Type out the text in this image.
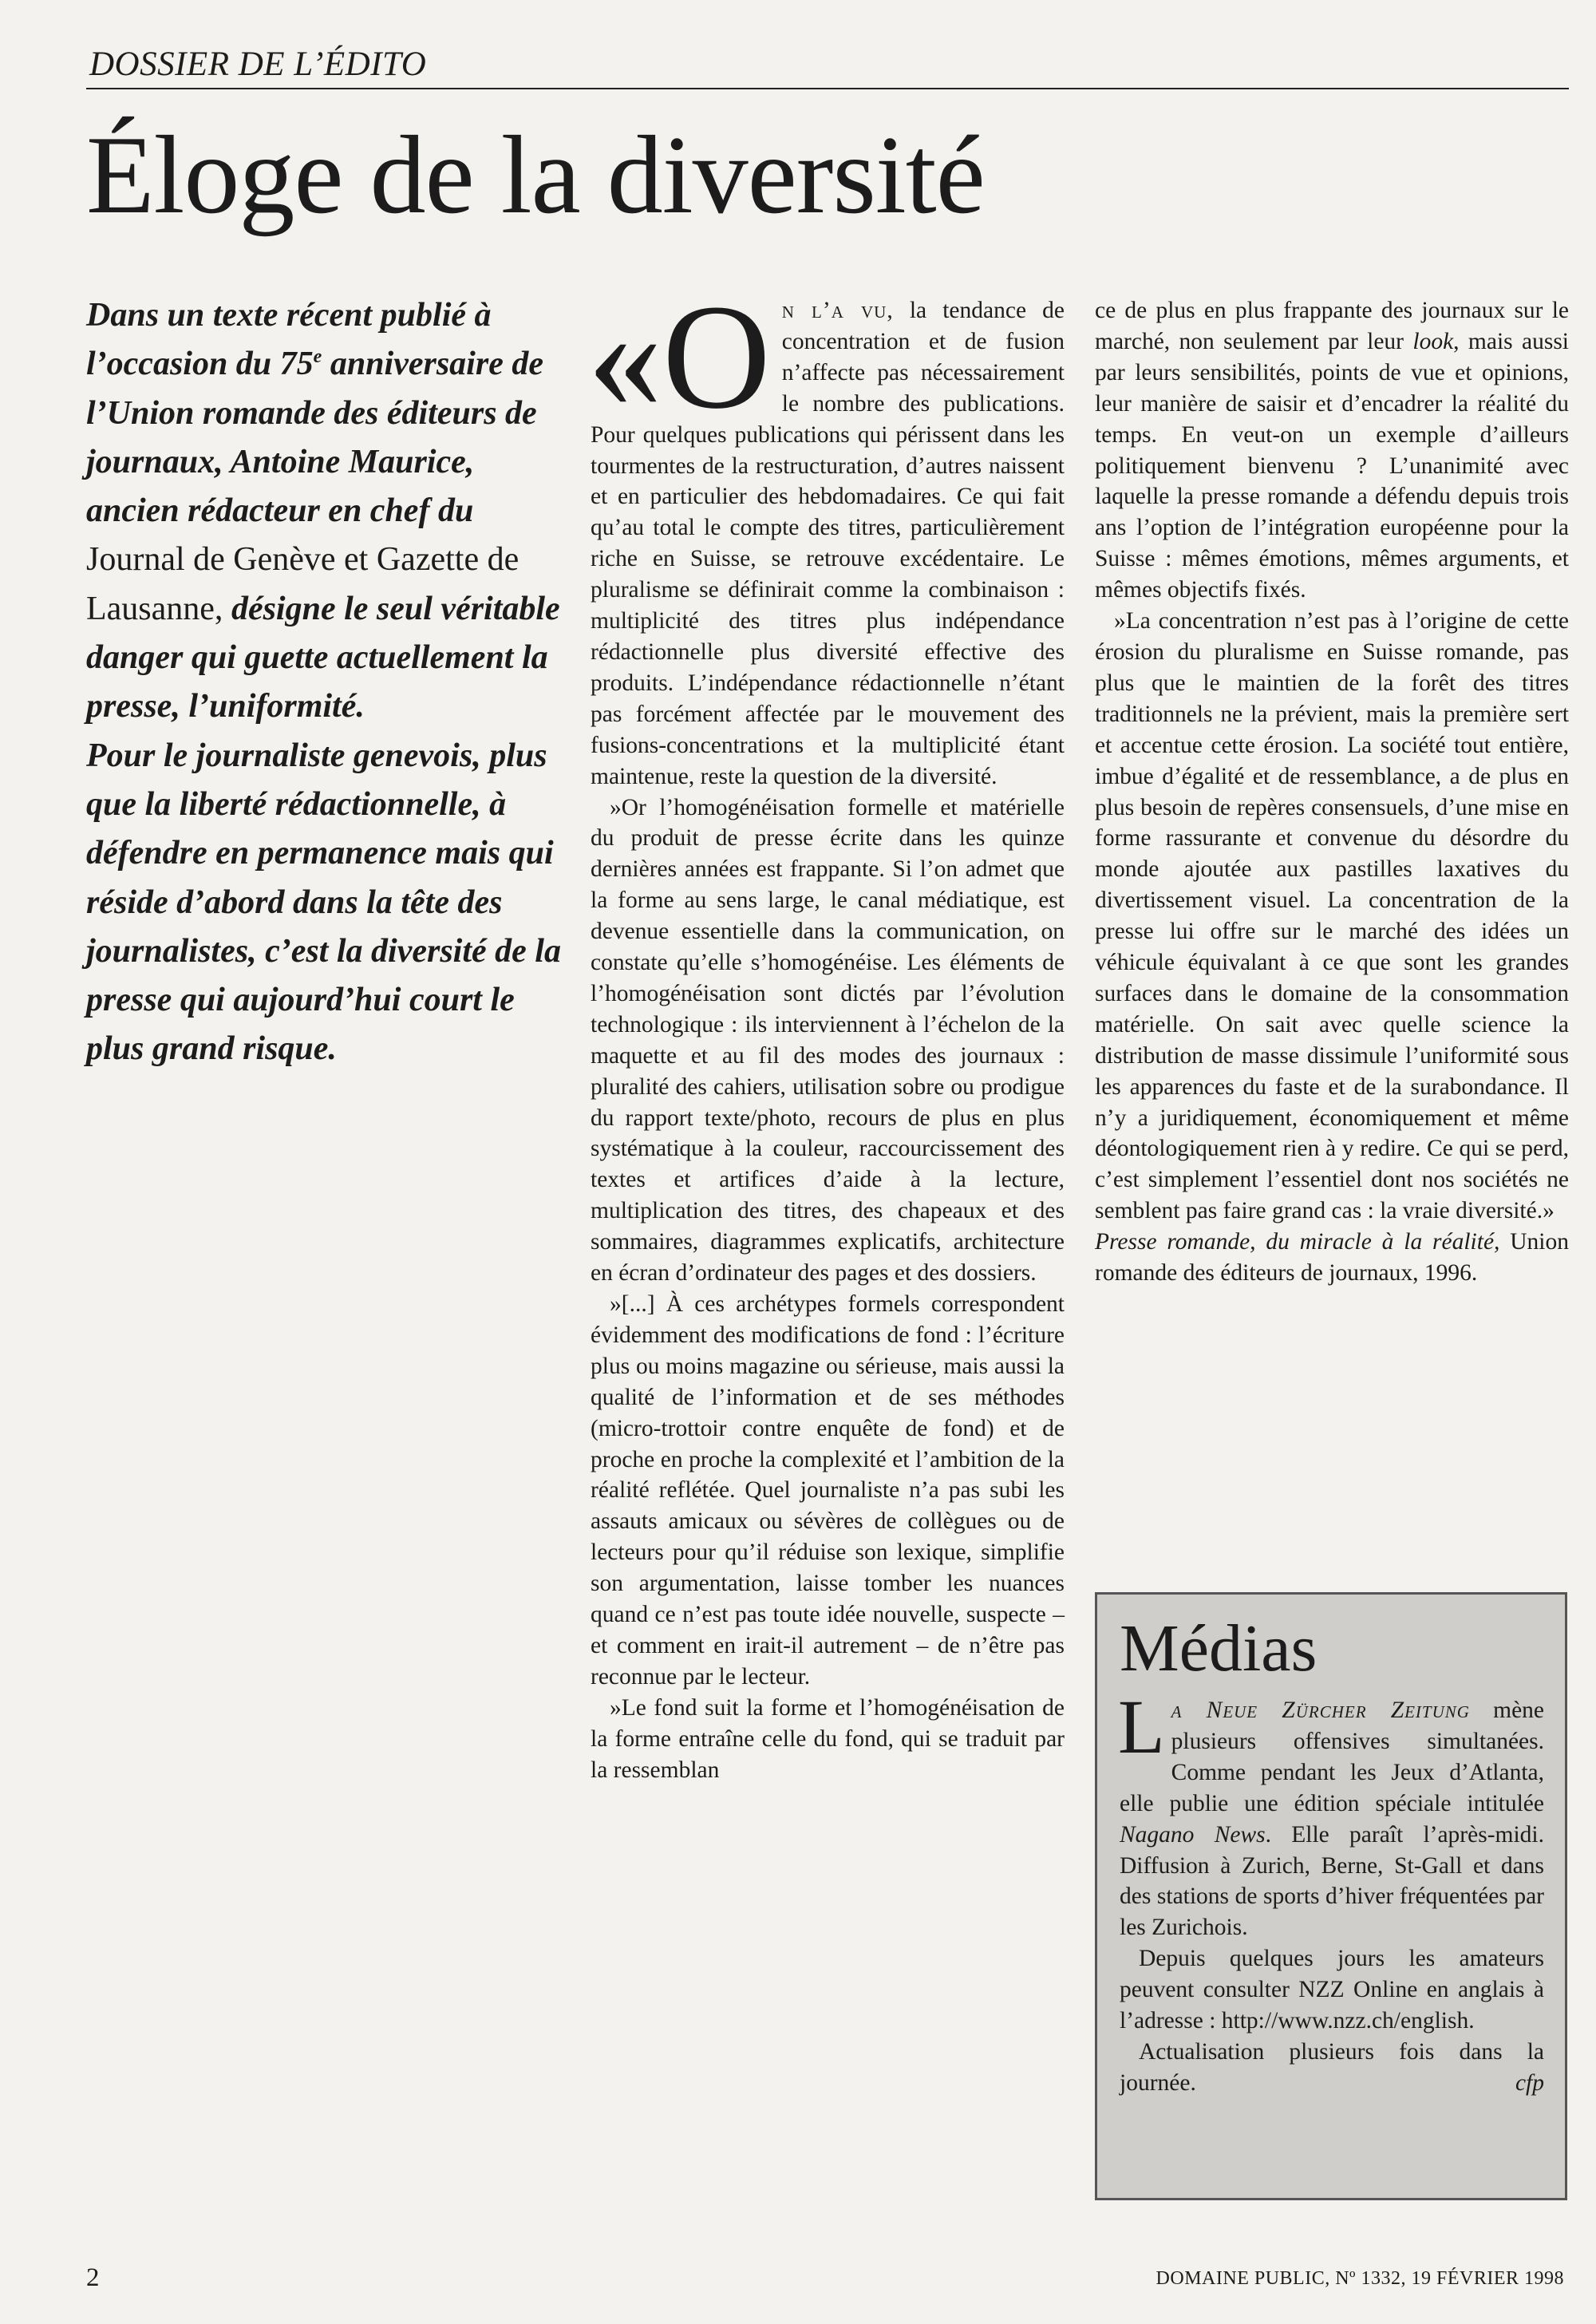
DOSSIER DE L’ÉDITO
Éloge de la diversité

Dans un texte récent publié à l’occasion du 75e anniversaire de l’Union romande des éditeurs de journaux, Antoine Maurice, ancien rédacteur en chef du Journal de Genève et Gazette de Lausanne, désigne le seul véritable danger qui guette actuellement la presse, l’uniformité.

Pour le journaliste genevois, plus que la liberté rédactionnelle, à défendre en permanence mais qui réside d’abord dans la tête des journalistes, c’est la diversité de la presse qui aujourd’hui court le plus grand risque.

«O n l’a vu, la tendance de concentration et de fusion n’affecte pas nécessairement le nombre des publications. Pour quelques publications qui périssent dans les tourmentes de la restructuration, d’autres naissent et en particulier des hebdomadaires. Ce qui fait qu’au total le compte des titres, particulièrement riche en Suisse, se retrouve excédentaire. Le pluralisme se définirait comme la combinaison : multiplicité des titres plus indépendance rédactionnelle plus diversité effective des produits. L’indépendance rédactionnelle n’étant pas forcément affectée par le mouvement des fusions-concentrations et la multiplicité étant maintenue, reste la question de la diversité.

»Or l’homogénéisation formelle et matérielle du produit de presse écrite dans les quinze dernières années est frappante. Si l’on admet que la forme au sens large, le canal médiatique, est devenue essentielle dans la communication, on constate qu’elle s’homogénéise. Les éléments de l’homogénéisation sont dictés par l’évolution technologique : ils interviennent à l’échelon de la maquette et au fil des modes des journaux : pluralité des cahiers, utilisation sobre ou prodigue du rapport texte/photo, recours de plus en plus systématique à la couleur, raccourcissement des textes et artifices d’aide à la lecture, multiplication des titres, des chapeaux et des sommaires, diagrammes explicatifs, architecture en écran d’ordinateur des pages et des dossiers.

»[...] À ces archétypes formels correspondent évidemment des modifications de fond : l’écriture plus ou moins magazine ou sérieuse, mais aussi la qualité de l’information et de ses méthodes (micro-trottoir contre enquête de fond) et de proche en proche la complexité et l’ambition de la réalité reflétée. Quel journaliste n’a pas subi les assauts amicaux ou sévères de collègues ou de lecteurs pour qu’il réduise son lexique, simplifie son argumentation, laisse tomber les nuances quand ce n’est pas toute idée nouvelle, suspecte – et comment en irait-il autrement – de n’être pas reconnue par le lecteur.

»Le fond suit la forme et l’homogénéisation de la forme entraîne celle du fond, qui se traduit par la ressemblan

ce de plus en plus frappante des journaux sur le marché, non seulement par leur look, mais aussi par leurs sensibilités, points de vue et opinions, leur manière de saisir et d’encadrer la réalité du temps. En veut-on un exemple d’ailleurs politiquement bienvenu ? L’unanimité avec laquelle la presse romande a défendu depuis trois ans l’option de l’intégration européenne pour la Suisse : mêmes émotions, mêmes arguments, et mêmes objectifs fixés.

»La concentration n’est pas à l’origine de cette érosion du pluralisme en Suisse romande, pas plus que le maintien de la forêt des titres traditionnels ne la prévient, mais la première sert et accentue cette érosion. La société tout entière, imbue d’égalité et de ressemblance, a de plus en plus besoin de repères consensuels, d’une mise en forme rassurante et convenue du désordre du monde ajoutée aux pastilles laxatives du divertissement visuel. La concentration de la presse lui offre sur le marché des idées un véhicule équivalant à ce que sont les grandes surfaces dans le domaine de la consommation matérielle. On sait avec quelle science la distribution de masse dissimule l’uniformité sous les apparences du faste et de la surabondance. Il n’y a juridiquement, économiquement et même déontologiquement rien à y redire. Ce qui se perd, c’est simplement l’essentiel dont nos sociétés ne semblent pas faire grand cas : la vraie diversité.»

Presse romande, du miracle à la réalité, Union romande des éditeurs de journaux, 1996.

Médias

La Neue Zürcher Zeitung mène plusieurs offensives simultanées. Comme pendant les Jeux d’Atlanta, elle publie une édition spéciale intitulée Nagano News. Elle paraît l’après-midi. Diffusion à Zurich, Berne, St-Gall et dans des stations de sports d’hiver fréquentées par les Zurichois.

Depuis quelques jours les amateurs peuvent consulter NZZ Online en anglais à l’adresse : http://www.nzz.ch/english.

Actualisation plusieurs fois dans la journée.	cfp

2	DOMAINE PUBLIC, Nº 1332, 19 FÉVRIER 1998
